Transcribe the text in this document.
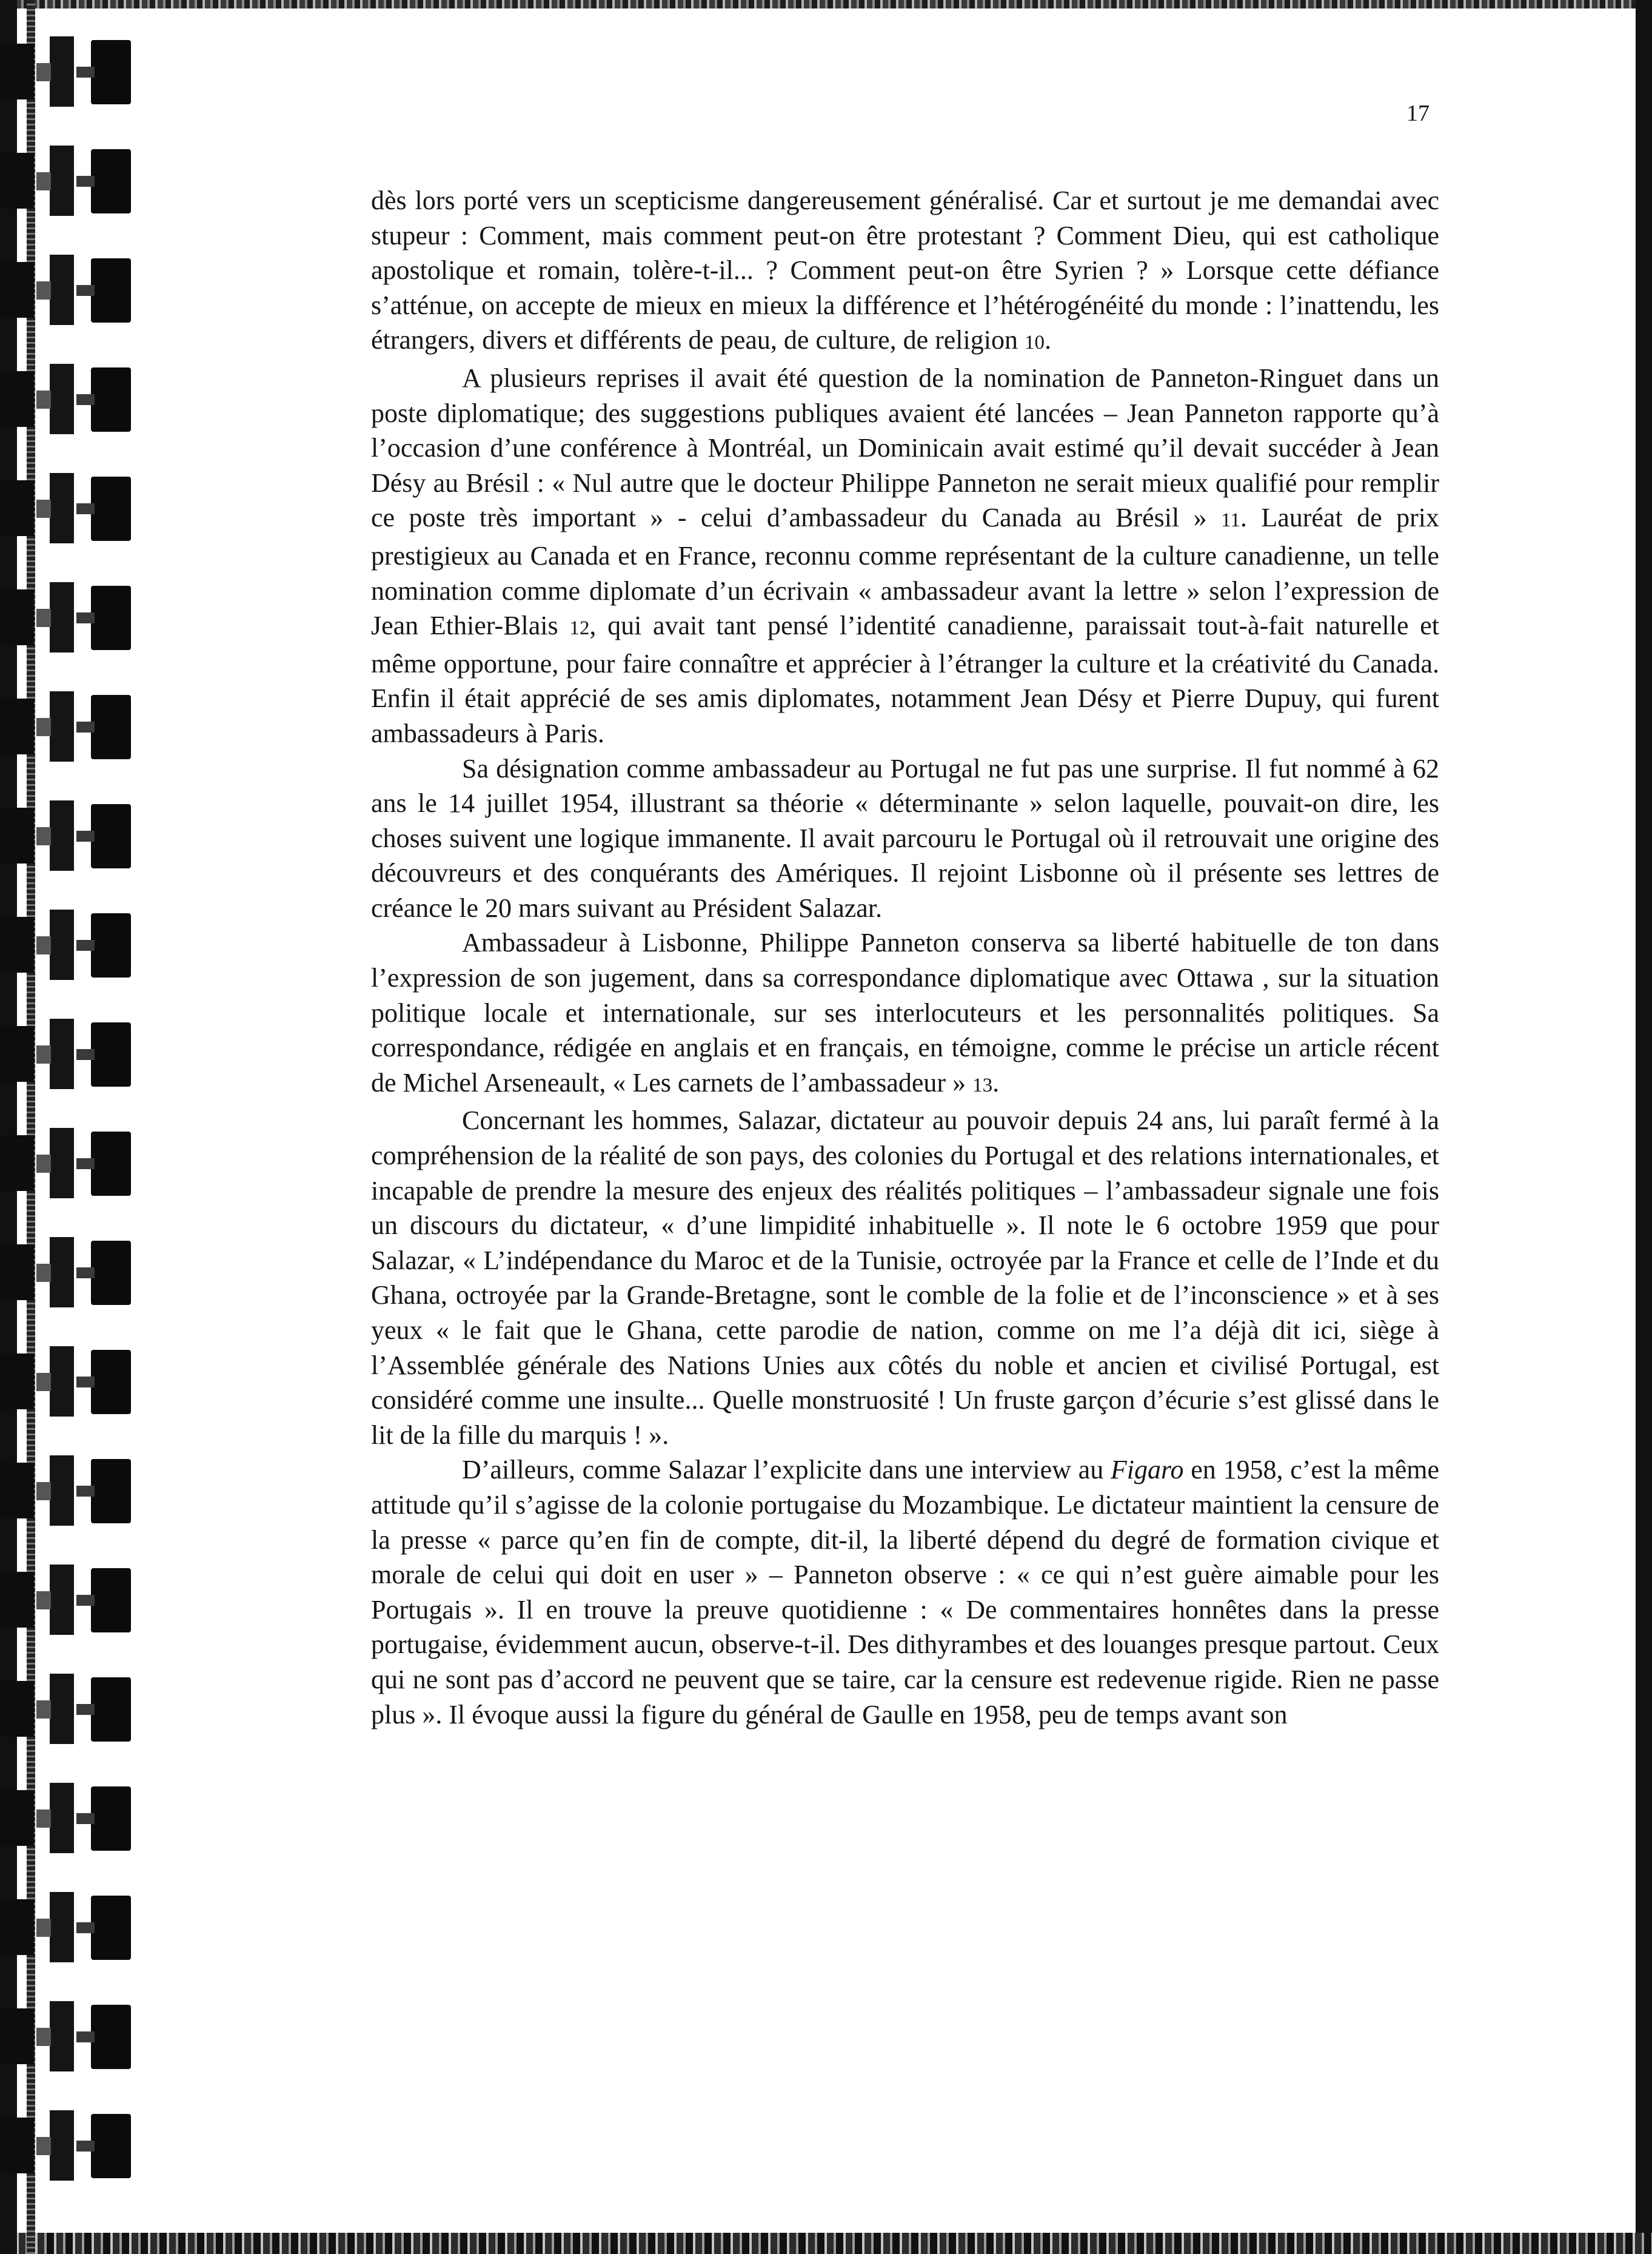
17

dès lors porté vers un scepticisme dangereusement généralisé. Car et surtout je me demandai avec stupeur : Comment, mais comment peut-on être protestant ? Comment Dieu, qui est catholique apostolique et romain, tolère-t-il... ? Comment peut-on être Syrien ? » Lorsque cette défiance s’atténue, on accepte de mieux en mieux la différence et l’hétérogénéité du monde : l’inattendu, les étrangers, divers et différents de peau, de culture, de religion 10.

A plusieurs reprises il avait été question de la nomination de Panneton-Ringuet dans un poste diplomatique; des suggestions publiques avaient été lancées – Jean Panneton rapporte qu’à l’occasion d’une conférence à Montréal, un Dominicain avait estimé qu’il devait succéder à Jean Désy au Brésil : « Nul autre que le docteur Philippe Panneton ne serait mieux qualifié pour remplir ce poste très important » - celui d’ambassadeur du Canada au Brésil » 11. Lauréat de prix prestigieux au Canada et en France, reconnu comme représentant de la culture canadienne, un telle nomination comme diplomate d’un écrivain « ambassadeur avant la lettre » selon l’expression de Jean Ethier-Blais 12, qui avait tant pensé l’identité canadienne, paraissait tout-à-fait naturelle et même opportune, pour faire connaître et apprécier à l’étranger la culture et la créativité du Canada. Enfin il était apprécié de ses amis diplomates, notamment Jean Désy et Pierre Dupuy, qui furent ambassadeurs à Paris.

Sa désignation comme ambassadeur au Portugal ne fut pas une surprise. Il fut nommé à 62 ans le 14 juillet 1954, illustrant sa théorie « déterminante » selon laquelle, pouvait-on dire, les choses suivent une logique immanente. Il avait parcouru le Portugal où il retrouvait une origine des découvreurs et des conquérants des Amériques. Il rejoint Lisbonne où il présente ses lettres de créance le 20 mars suivant au Président Salazar.

Ambassadeur à Lisbonne, Philippe Panneton conserva sa liberté habituelle de ton dans l’expression de son jugement, dans sa correspondance diplomatique avec Ottawa , sur la situation politique locale et internationale, sur ses interlocuteurs et les personnalités politiques. Sa correspondance, rédigée en anglais et en français, en témoigne, comme le précise un article récent de Michel Arseneault, « Les carnets de l’ambassadeur » 13.

Concernant les hommes, Salazar, dictateur au pouvoir depuis 24 ans, lui paraît fermé à la compréhension de la réalité de son pays, des colonies du Portugal et des relations internationales, et incapable de prendre la mesure des enjeux des réalités politiques – l’ambassadeur signale une fois un discours du dictateur, « d’une limpidité inhabituelle ». Il note le 6 octobre 1959 que pour Salazar, « L’indépendance du Maroc et de la Tunisie, octroyée par la France et celle de l’Inde et du Ghana, octroyée par la Grande-Bretagne, sont le comble de la folie et de l’inconscience » et à ses yeux « le fait que le Ghana, cette parodie de nation, comme on me l’a déjà dit ici, siège à l’Assemblée générale des Nations Unies aux côtés du noble et ancien et civilisé Portugal, est considéré comme une insulte... Quelle monstruosité ! Un fruste garçon d’écurie s’est glissé dans le lit de la fille du marquis ! ».

D’ailleurs, comme Salazar l’explicite dans une interview au Figaro en 1958, c’est la même attitude qu’il s’agisse de la colonie portugaise du Mozambique. Le dictateur maintient la censure de la presse « parce qu’en fin de compte, dit-il, la liberté dépend du degré de formation civique et morale de celui qui doit en user » – Panneton observe : « ce qui n’est guère aimable pour les Portugais ». Il en trouve la preuve quotidienne : « De commentaires honnêtes dans la presse portugaise, évidemment aucun, observe-t-il. Des dithyrambes et des louanges presque partout. Ceux qui ne sont pas d’accord ne peuvent que se taire, car la censure est redevenue rigide. Rien ne passe plus ». Il évoque aussi la figure du général de Gaulle en 1958, peu de temps avant son
